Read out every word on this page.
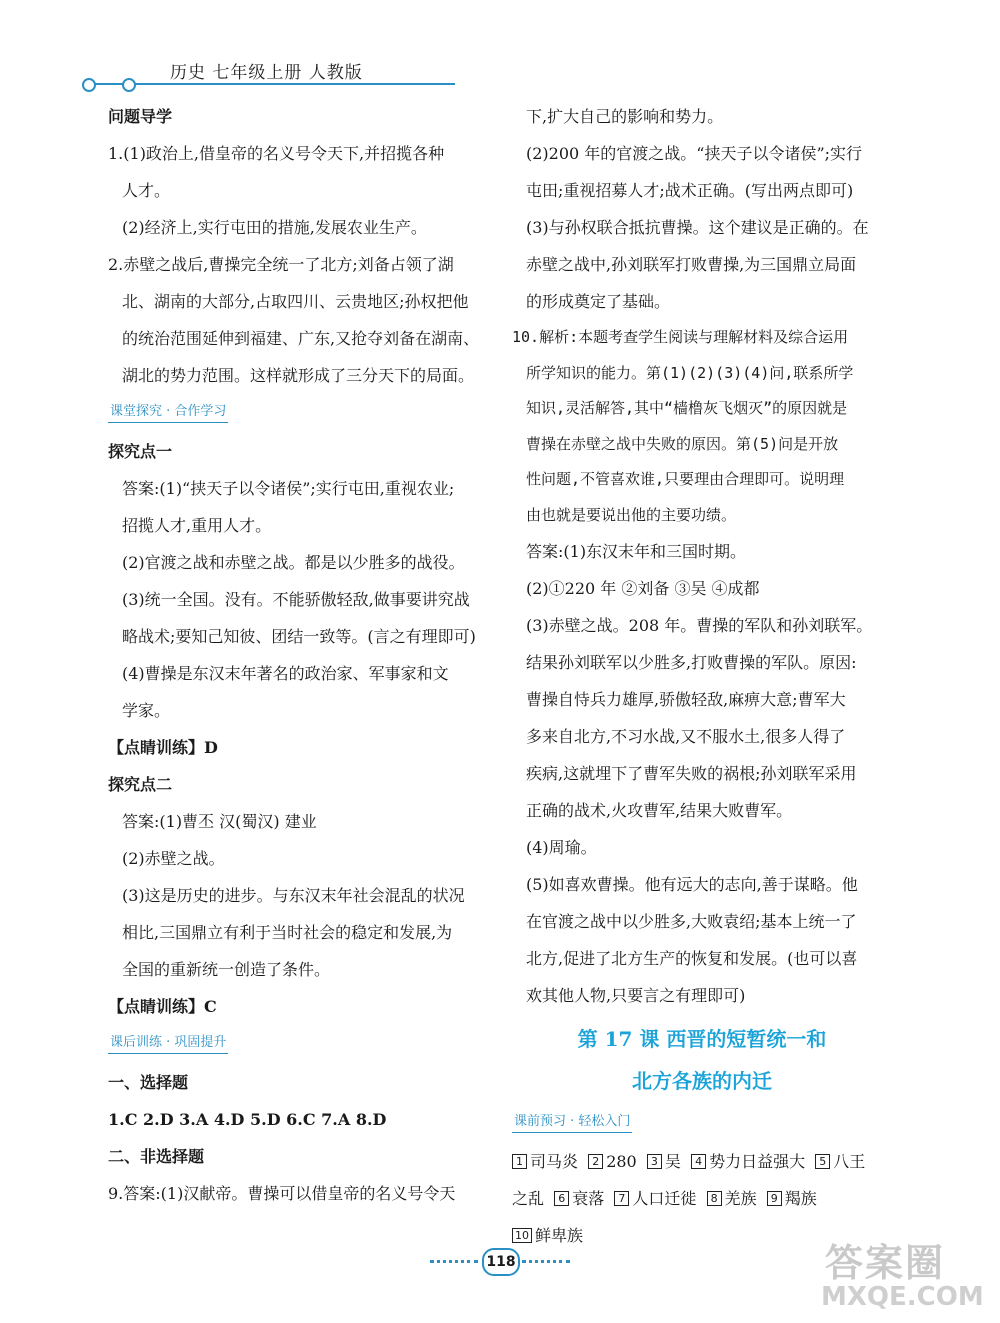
历史 七年级上册 人教版

问题导学

1.(1)政治上,借皇帝的名义号令天下,并招揽各种

人才。

(2)经济上,实行屯田的措施,发展农业生产。

2.赤壁之战后,曹操完全统一了北方;刘备占领了湖

北、湖南的大部分,占取四川、云贵地区;孙权把他

的统治范围延伸到福建、广东,又抢夺刘备在湖南、

湖北的势力范围。这样就形成了三分天下的局面。

课堂探究 · 合作学习

探究点一

答案:(1)“挟天子以令诸侯”;实行屯田,重视农业;

招揽人才,重用人才。

(2)官渡之战和赤壁之战。都是以少胜多的战役。

(3)统一全国。没有。不能骄傲轻敌,做事要讲究战

略战术;要知己知彼、团结一致等。(言之有理即可)

(4)曹操是东汉末年著名的政治家、军事家和文

学家。

【点睛训练】D

探究点二

答案:(1)曹丕 汉(蜀汉) 建业

(2)赤壁之战。

(3)这是历史的进步。与东汉末年社会混乱的状况

相比,三国鼎立有利于当时社会的稳定和发展,为

全国的重新统一创造了条件。

【点睛训练】C

课后训练 · 巩固提升

一、选择题

1.C 2.D 3.A 4.D 5.D 6.C 7.A 8.D

二、非选择题

9.答案:(1)汉献帝。曹操可以借皇帝的名义号令天

下,扩大自己的影响和势力。

(2)200 年的官渡之战。“挟天子以令诸侯”;实行

屯田;重视招募人才;战术正确。(写出两点即可)

(3)与孙权联合抵抗曹操。这个建议是正确的。在

赤壁之战中,孙刘联军打败曹操,为三国鼎立局面

的形成奠定了基础。

10.解析:本题考查学生阅读与理解材料及综合运用

所学知识的能力。第(1)(2)(3)(4)问,联系所学

知识,灵活解答,其中“樯橹灰飞烟灭”的原因就是

曹操在赤壁之战中失败的原因。第(5)问是开放

性问题,不管喜欢谁,只要理由合理即可。说明理

由也就是要说出他的主要功绩。

答案:(1)东汉末年和三国时期。

(2)①220 年 ②刘备 ③吴 ④成都

(3)赤壁之战。208 年。曹操的军队和孙刘联军。

结果孙刘联军以少胜多,打败曹操的军队。原因:

曹操自恃兵力雄厚,骄傲轻敌,麻痹大意;曹军大

多来自北方,不习水战,又不服水土,很多人得了

疾病,这就埋下了曹军失败的祸根;孙刘联军采用

正确的战术,火攻曹军,结果大败曹军。

(4)周瑜。

(5)如喜欢曹操。他有远大的志向,善于谋略。他

在官渡之战中以少胜多,大败袁绍;基本上统一了

北方,促进了北方生产的恢复和发展。(也可以喜

欢其他人物,只要言之有理即可)

第 17 课 西晋的短暂统一和
北方各族的内迁
课前预习 · 轻松入门

1 司马炎 2 280 3 吴 4 势力日益强大 5 八王

之乱 6 衰落 7 人口迁徙 8 羌族 9 羯族

10 鲜卑族

118	答案圈
MXQE.COM
